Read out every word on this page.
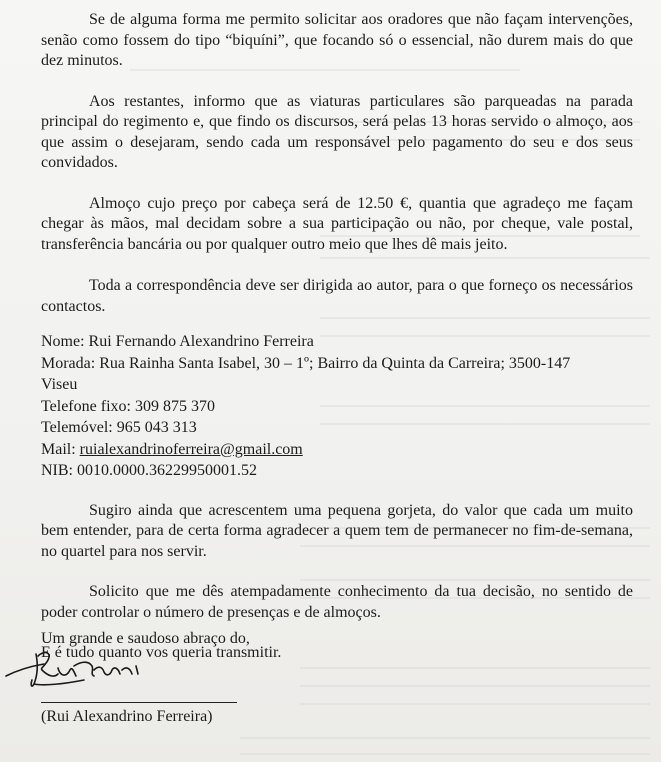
Se de alguma forma me permito solicitar aos oradores que não façam intervenções, senão como fossem do tipo “biquíni”, que focando só o essencial, não durem mais do que dez minutos.

Aos restantes, informo que as viaturas particulares são parqueadas na parada principal do regimento e, que findo os discursos, será pelas 13 horas servido o almoço, aos que assim o desejaram, sendo cada um responsável pelo pagamento do seu e dos seus convidados.

Almoço cujo preço por cabeça será de 12.50 €, quantia que agradeço me façam chegar às mãos, mal decidam sobre a sua participação ou não, por cheque, vale postal, transferência bancária ou por qualquer outro meio que lhes dê mais jeito.

Toda a correspondência deve ser dirigida ao autor, para o que forneço os necessários contactos.

Nome: Rui Fernando Alexandrino Ferreira
Morada: Rua Rainha Santa Isabel, 30 – 1º; Bairro da Quinta da Carreira; 3500-147
Viseu
Telefone fixo: 309 875 370
Telemóvel: 965 043 313
Mail: ruialexandrinoferreira@gmail.com
NIB: 0010.0000.36229950001.52

Sugiro ainda que acrescentem uma pequena gorjeta, do valor que cada um muito bem entender, para de certa forma agradecer a quem tem de permanecer no fim-de-semana, no quartel para nos servir.

Solicito que me dês atempadamente conhecimento da tua decisão, no sentido de poder controlar o número de presenças e de almoços.

E é tudo quanto vos queria transmitir.

Um grande e saudoso abraço do,
(Rui Alexandrino Ferreira)
